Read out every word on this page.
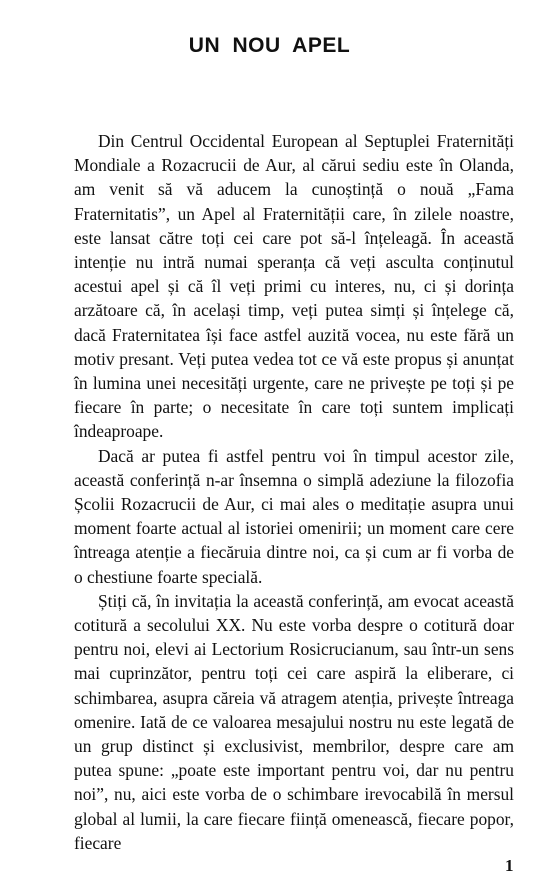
UN NOU APEL

Din Centrul Occidental European al Septuplei Fraternități Mondiale a Rozacrucii de Aur, al cărui sediu este în Olanda, am venit să vă aducem la cunoștință o nouă „Fama Fraternitatis”, un Apel al Fraternității care, în zilele noastre, este lansat către toți cei care pot să-l înțeleagă. În această intenție nu intră numai speranța că veți asculta conținutul acestui apel și că îl veți primi cu interes, nu, ci și dorința arzătoare că, în același timp, veți putea simți și înțelege că, dacă Fraternitatea își face astfel auzită vocea, nu este fără un motiv presant. Veți putea vedea tot ce vă este propus și anunțat în lumina unei necesități urgente, care ne privește pe toți și pe fiecare în parte; o necesitate în care toți suntem implicați îndeaproape.

Dacă ar putea fi astfel pentru voi în timpul acestor zile, această conferință n-ar însemna o simplă adeziune la filozofia Școlii Rozacrucii de Aur, ci mai ales o meditație asupra unui moment foarte actual al istoriei omenirii; un moment care cere întreaga atenție a fiecăruia dintre noi, ca și cum ar fi vorba de o chestiune foarte specială.

Știți că, în invitația la această conferință, am evocat această cotitură a secolului XX. Nu este vorba despre o cotitură doar pentru noi, elevi ai Lectorium Rosicrucianum, sau într-un sens mai cuprinzător, pentru toți cei care aspiră la eliberare, ci schimbarea, asupra căreia vă atragem atenția, privește întreaga omenire. Iată de ce valoarea mesajului nostru nu este legată de un grup distinct și exclusivist, membrilor, despre care am putea spune: „poate este important pentru voi, dar nu pentru noi”, nu, aici este vorba de o schimbare irevocabilă în mersul global al lumii, la care fiecare ființă omenească, fiecare popor, fiecare

1
